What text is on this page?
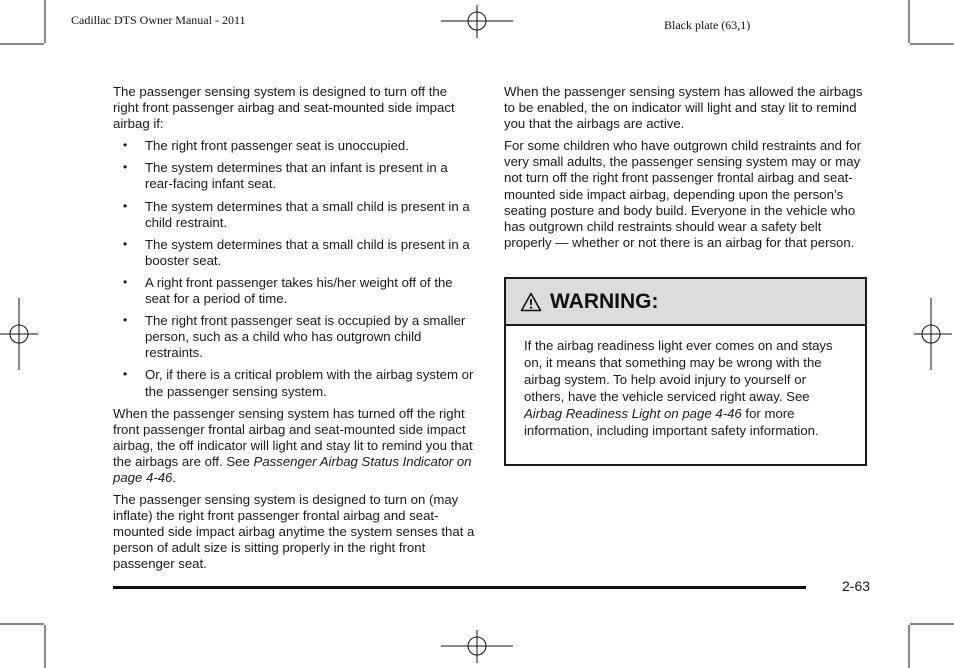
Cadillac DTS Owner Manual - 2011	Black plate (63,1)

The passenger sensing system is designed to turn off the right front passenger airbag and seat-mounted side impact airbag if:

• The right front passenger seat is unoccupied.
• The system determines that an infant is present in a rear-facing infant seat.
• The system determines that a small child is present in a child restraint.
• The system determines that a small child is present in a booster seat.
• A right front passenger takes his/her weight off of the seat for a period of time.
• The right front passenger seat is occupied by a smaller person, such as a child who has outgrown child restraints.
• Or, if there is a critical problem with the airbag system or the passenger sensing system.

When the passenger sensing system has turned off the right front passenger frontal airbag and seat-mounted side impact airbag, the off indicator will light and stay lit to remind you that the airbags are off. See Passenger Airbag Status Indicator on page 4-46.

The passenger sensing system is designed to turn on (may inflate) the right front passenger frontal airbag and seat-mounted side impact airbag anytime the system senses that a person of adult size is sitting properly in the right front passenger seat.

When the passenger sensing system has allowed the airbags to be enabled, the on indicator will light and stay lit to remind you that the airbags are active.

For some children who have outgrown child restraints and for very small adults, the passenger sensing system may or may not turn off the right front passenger frontal airbag and seat-mounted side impact airbag, depending upon the person’s seating posture and body build. Everyone in the vehicle who has outgrown child restraints should wear a safety belt properly — whether or not there is an airbag for that person.

WARNING:
If the airbag readiness light ever comes on and stays on, it means that something may be wrong with the airbag system. To help avoid injury to yourself or others, have the vehicle serviced right away. See Airbag Readiness Light on page 4-46 for more information, including important safety information.
2-63
